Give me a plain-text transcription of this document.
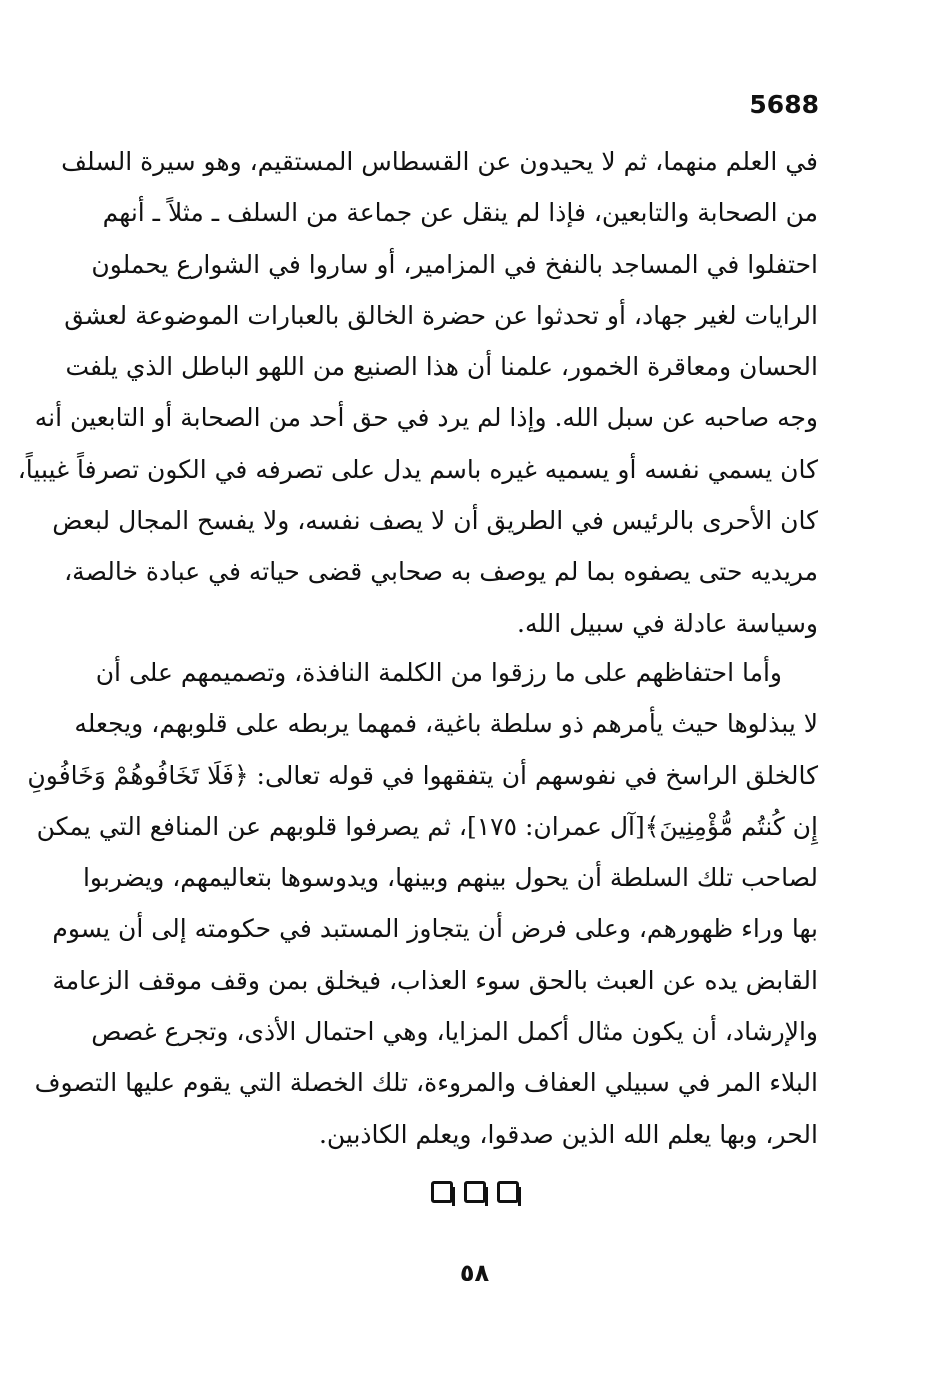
5688
في العلم منهما، ثم لا يحيدون عن القسطاس المستقيم، وهو سيرة السلف
من الصحابة والتابعين، فإذا لم ينقل عن جماعة من السلف ـ مثلاً ـ أنهم
احتفلوا في المساجد بالنفخ في المزامير، أو ساروا في الشوارع يحملون
الرايات لغير جهاد، أو تحدثوا عن حضرة الخالق بالعبارات الموضوعة لعشق
الحسان ومعاقرة الخمور، علمنا أن هذا الصنيع من اللهو الباطل الذي يلفت
وجه صاحبه عن سبل الله. وإذا لم يرد في حق أحد من الصحابة أو التابعين أنه
كان يسمي نفسه أو يسميه غيره باسم يدل على تصرفه في الكون تصرفاً غيبياً،
كان الأحرى بالرئيس في الطريق أن لا يصف نفسه، ولا يفسح المجال لبعض
مريديه حتى يصفوه بما لم يوصف به صحابي قضى حياته في عبادة خالصة،
وسياسة عادلة في سبيل الله.
وأما احتفاظهم على ما رزقوا من الكلمة النافذة، وتصميمهم على أن
لا يبذلوها حيث يأمرهم ذو سلطة باغية، فمهما يربطه على قلوبهم، ويجعله
كالخلق الراسخ في نفوسهم أن يتفقهوا في قوله تعالى: ﴿فَلَا تَخَافُوهُمْ وَخَافُونِ
إِن كُنتُم مُّؤْمِنِينَ﴾[آل عمران: ١٧٥]، ثم يصرفوا قلوبهم عن المنافع التي يمكن
لصاحب تلك السلطة أن يحول بينهم وبينها، ويدوسوها بتعاليمهم، ويضربوا
بها وراء ظهورهم، وعلى فرض أن يتجاوز المستبد في حكومته إلى أن يسوم
القابض يده عن العبث بالحق سوء العذاب، فيخلق بمن وقف موقف الزعامة
والإرشاد، أن يكون مثال أكمل المزايا، وهي احتمال الأذى، وتجرع غصص
البلاء المر في سبيلي العفاف والمروءة، تلك الخصلة التي يقوم عليها التصوف
الحر، وبها يعلم الله الذين صدقوا، ويعلم الكاذبين.
٥٨
